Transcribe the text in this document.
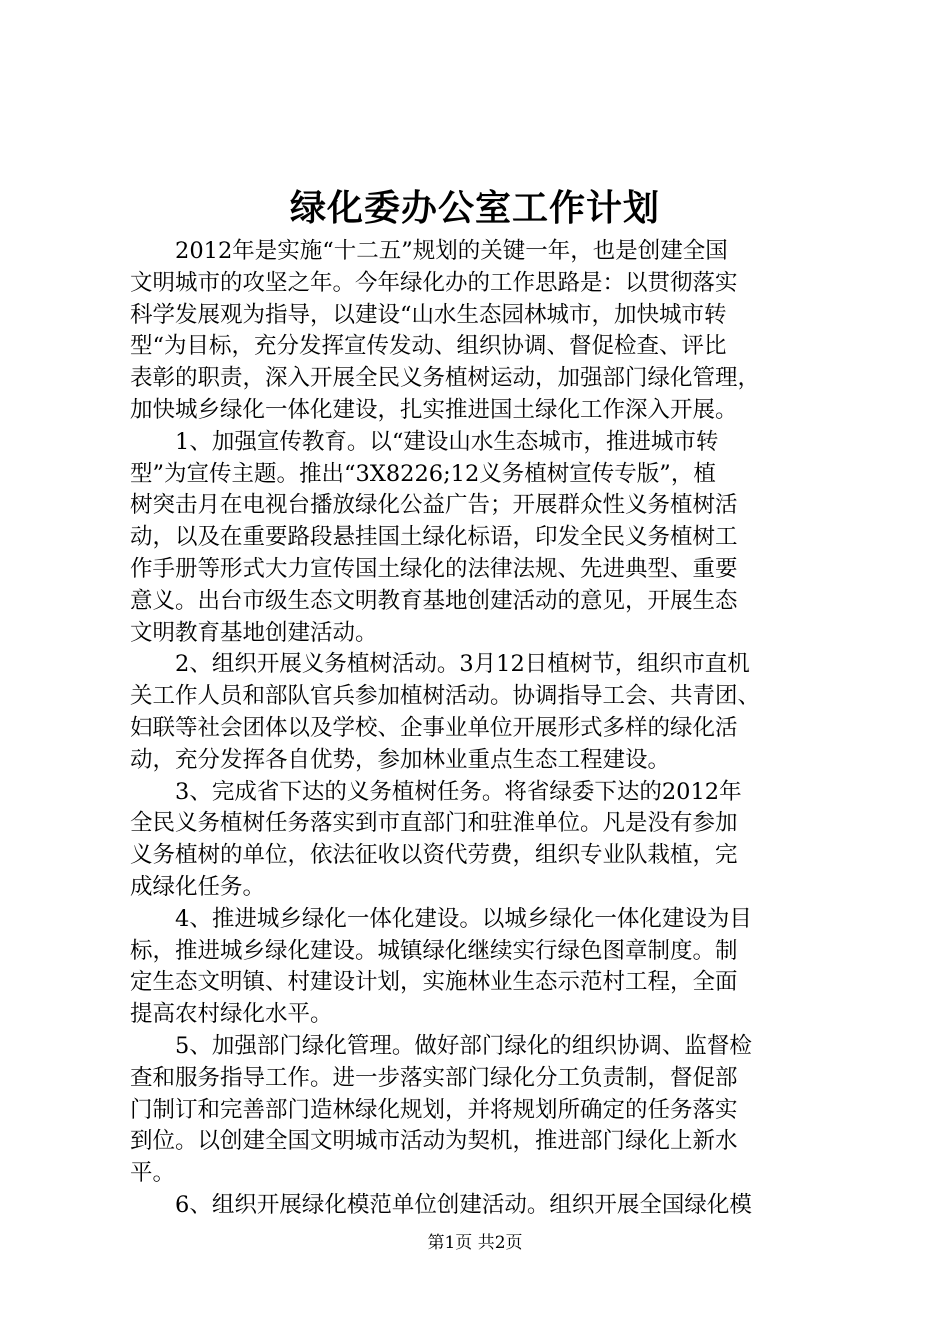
绿化委办公室工作计划
　　2012年是实施“十二五”规划的关键一年，也是创建全国
文明城市的攻坚之年。今年绿化办的工作思路是：以贯彻落实
科学发展观为指导，以建设“山水生态园林城市，加快城市转
型“为目标，充分发挥宣传发动、组织协调、督促检查、评比
表彰的职责，深入开展全民义务植树运动，加强部门绿化管理，
加快城乡绿化一体化建设，扎实推进国土绿化工作深入开展。
　　1、加强宣传教育。以“建设山水生态城市，推进城市转
型”为宣传主题。推出“3X8226;12义务植树宣传专版”，植
树突击月在电视台播放绿化公益广告；开展群众性义务植树活
动，以及在重要路段悬挂国土绿化标语，印发全民义务植树工
作手册等形式大力宣传国土绿化的法律法规、先进典型、重要
意义。出台市级生态文明教育基地创建活动的意见，开展生态
文明教育基地创建活动。
　　2、组织开展义务植树活动。3月12日植树节，组织市直机
关工作人员和部队官兵参加植树活动。协调指导工会、共青团、
妇联等社会团体以及学校、企事业单位开展形式多样的绿化活
动，充分发挥各自优势，参加林业重点生态工程建设。
　　3、完成省下达的义务植树任务。将省绿委下达的2012年
全民义务植树任务落实到市直部门和驻淮单位。凡是没有参加
义务植树的单位，依法征收以资代劳费，组织专业队栽植，完
成绿化任务。
　　4、推进城乡绿化一体化建设。以城乡绿化一体化建设为目
标，推进城乡绿化建设。城镇绿化继续实行绿色图章制度。制
定生态文明镇、村建设计划，实施林业生态示范村工程，全面
提高农村绿化水平。
　　5、加强部门绿化管理。做好部门绿化的组织协调、监督检
查和服务指导工作。进一步落实部门绿化分工负责制，督促部
门制订和完善部门造林绿化规划，并将规划所确定的任务落实
到位。以创建全国文明城市活动为契机，推进部门绿化上新水
平。
　　6、组织开展绿化模范单位创建活动。组织开展全国绿化模
第1页 共2页
